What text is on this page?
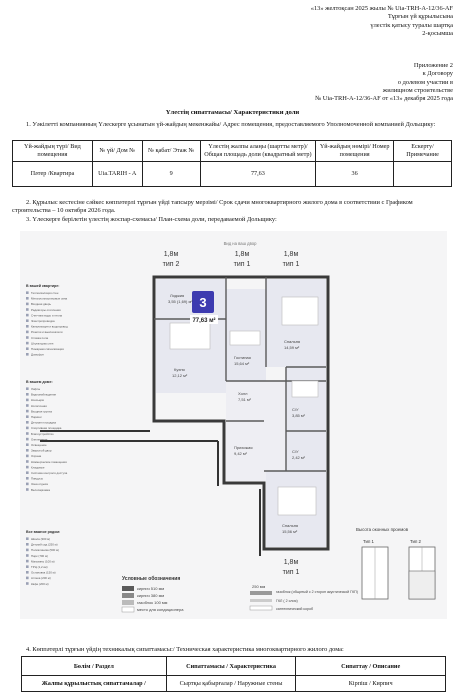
«13» желтоқсан 2025 жылы № Uia-TRH-A-12/36-AF
Тұрғын үй құрылысына
үлестік қатысу туралы шартқа
2-қосымша
Приложение 2
к Договору
о долевом участии в
жилищном строительстве
№ Uia-TRH-A-12/36-AF от «13» декабря 2025 года
Үлестің сипаттамасы/ Характеристики доли
1. Уәкілетті компанияның Үлескерге ұсынатын үй-жайдың мекенжайы/ Адрес помещения, предоставляемого Уполномоченной компанией Дольщику:
Үй-жайдың түрі/ Вид помещения	№ үй/ Дом №	№ қабат/ Этаж №	Үлестің жалпы алаңы (шартты метр)/ Общая площадь доли (квадратный метр)	Үй-жайдың нөмірі/ Номер помещения	Ескерту/ Примечание
Пәтер /Квартира	Uia.TARIH - A	9	77,63	36	
2. Құрылыс кестесіне сәйкес көппәтерлі тұрғын үйді тапсыру мерзімі/ Срок сдачи многоквартирного жилого дома в соответствии с Графиком строительства – 10 октября 2026 года.
3. Үлескерге берілетін үлестің жоспар-схемасы/ План-схема доли, передаваемой Дольщику:
В вашей квартире:
Теплоизоляция стен
Металлопластиковые окна
Входная дверь
Радиаторы отопления
Счетчики воды и тепла
Электропроводка
Канализация и водопровод
Розетки и выключатели
Стяжка пола
Штукатурка стен
Пожарная сигнализация
Домофон
В вашем доме:
Лифты
Видеонаблюдение
Консьерж
Колясочная
Входная группа
Паркинг
Детская площадка
Спортивная площадка
Благоустройство
Озеленение
Освещение
Закрытый двор
Охрана
Коммерческие помещения
Кладовые
Система контроля доступа
Пандусы
Зона отдыха
Велопарковка
Все важное рядом:
Школа (300 м)
Детский сад (250 м)
Поликлиника (500 м)
Парк (700 м)
Магазины (100 м)
ТРЦ (1,2 км)
Остановка (150 м)
Аптека (200 м)
Кафе (200 м)
Вид на ваш двор
1,8м
тип 2
1,8м
тип 1
1,8м
тип 1
3
77,63 м²
Лоджия
3,55 (1,69) м²
Кухня
12,12 м²
Гостиная
15,64 м²
Спальня
14,59 м²
Холл
7,51 м²
С/У
3,85 м²
Прихожая
9,42 м²	С/У
2,42 м²
Спальня
15,56 м²
1,8м
тип 1
Условные обозначения
кирпич 510 мм
кирпич 380 мм
газоблок 100 мм
место для кондиционера
250 мм
газоблок (общитый с 2 сторон акустической ГКП)
ГКЛ ( 2 слоя)
сантехнический короб
Высота оконных проемов
Тип 1	Тип 2
4. Көппәтерлі тұрғын үйдің техникалық сипаттамасы:/ Техническая характеристика многоквартирного жилого дома:
Бөлім / Раздел	Сипаттамасы / Характеристика	Сипаттау / Описание
Жалпы құрылыстық сипаттамалар /	Сыртқы қабырғалар / Наружные стены	Кірпіш / Кирпич
